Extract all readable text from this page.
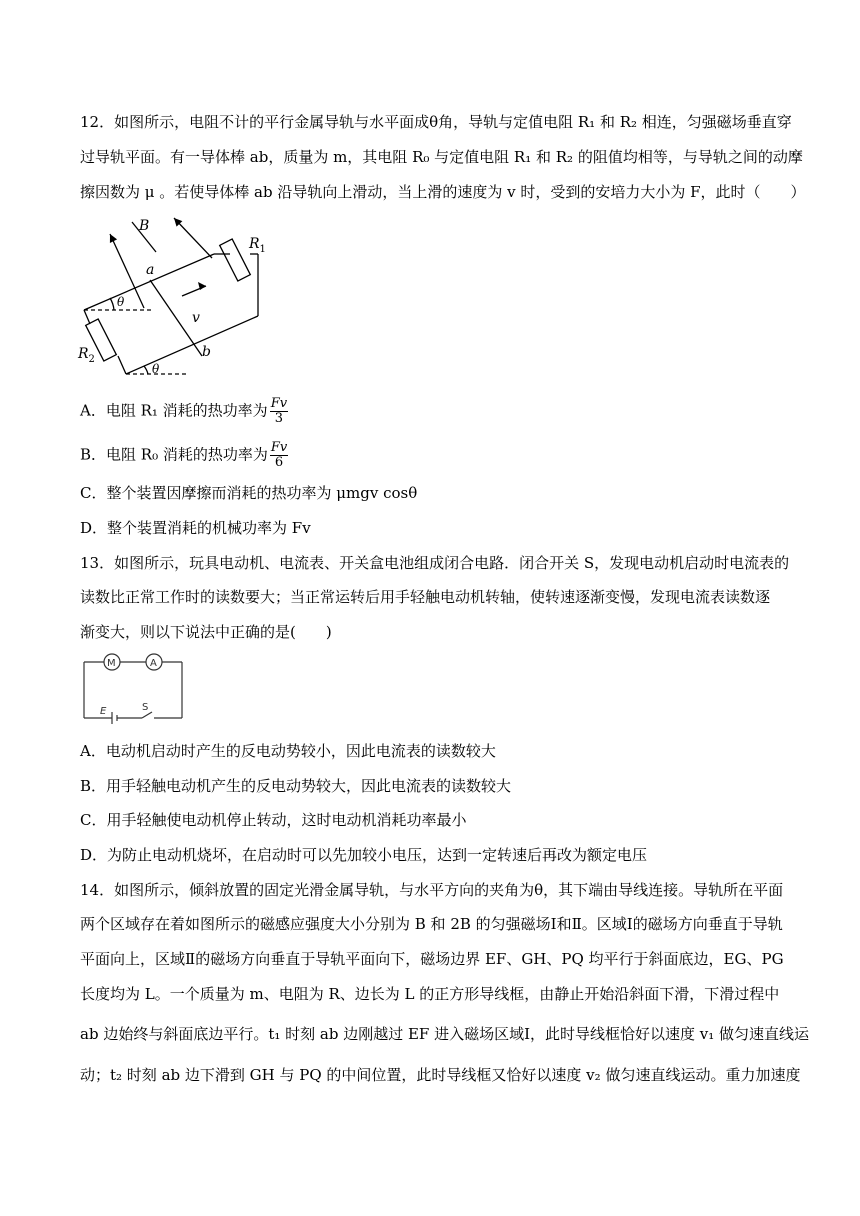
12．如图所示，电阻不计的平行金属导轨与水平面成θ角，导轨与定值电阻 R₁ 和 R₂ 相连，匀强磁场垂直穿
过导轨平面。有一导体棒 ab，质量为 m，其电阻 R₀ 与定值电阻 R₁ 和 R₂ 的阻值均相等，与导轨之间的动摩
擦因数为 μ 。若使导体棒 ab 沿导轨向上滑动，当上滑的速度为 v 时，受到的安培力大小为 F，此时（　　）
B
a
b
v
θ
θ
$R_1$
$R_2$
A．电阻 R₁ 消耗的热功率为 $\frac{Fv}{3}$
B．电阻 R₀ 消耗的热功率为 $\frac{Fv}{6}$
C．整个装置因摩擦而消耗的热功率为 μmgv cosθ
D．整个装置消耗的机械功率为 Fv
13．如图所示，玩具电动机、电流表、开关盒电池组成闭合电路．闭合开关 S，发现电动机启动时电流表的
读数比正常工作时的读数要大；当正常运转后用手轻触电动机转轴，使转速逐渐变慢，发现电流表读数逐
渐变大，则以下说法中正确的是(　　)
M	A
E	S
A．电动机启动时产生的反电动势较小，因此电流表的读数较大
B．用手轻触电动机产生的反电动势较大，因此电流表的读数较大
C．用手轻触使电动机停止转动，这时电动机消耗功率最小
D．为防止电动机烧坏，在启动时可以先加较小电压，达到一定转速后再改为额定电压
14．如图所示，倾斜放置的固定光滑金属导轨，与水平方向的夹角为θ，其下端由导线连接。导轨所在平面
两个区域存在着如图所示的磁感应强度大小分别为 B 和 2B 的匀强磁场Ⅰ和Ⅱ。区域Ⅰ的磁场方向垂直于导轨
平面向上，区域Ⅱ的磁场方向垂直于导轨平面向下，磁场边界 EF、GH、PQ 均平行于斜面底边，EG、PG
长度均为 L。一个质量为 m、电阻为 R、边长为 L 的正方形导线框，由静止开始沿斜面下滑，下滑过程中
ab 边始终与斜面底边平行。t₁ 时刻 ab 边刚越过 EF 进入磁场区域Ⅰ，此时导线框恰好以速度 v₁ 做匀速直线运
动；t₂ 时刻 ab 边下滑到 GH 与 PQ 的中间位置，此时导线框又恰好以速度 v₂ 做匀速直线运动。重力加速度
